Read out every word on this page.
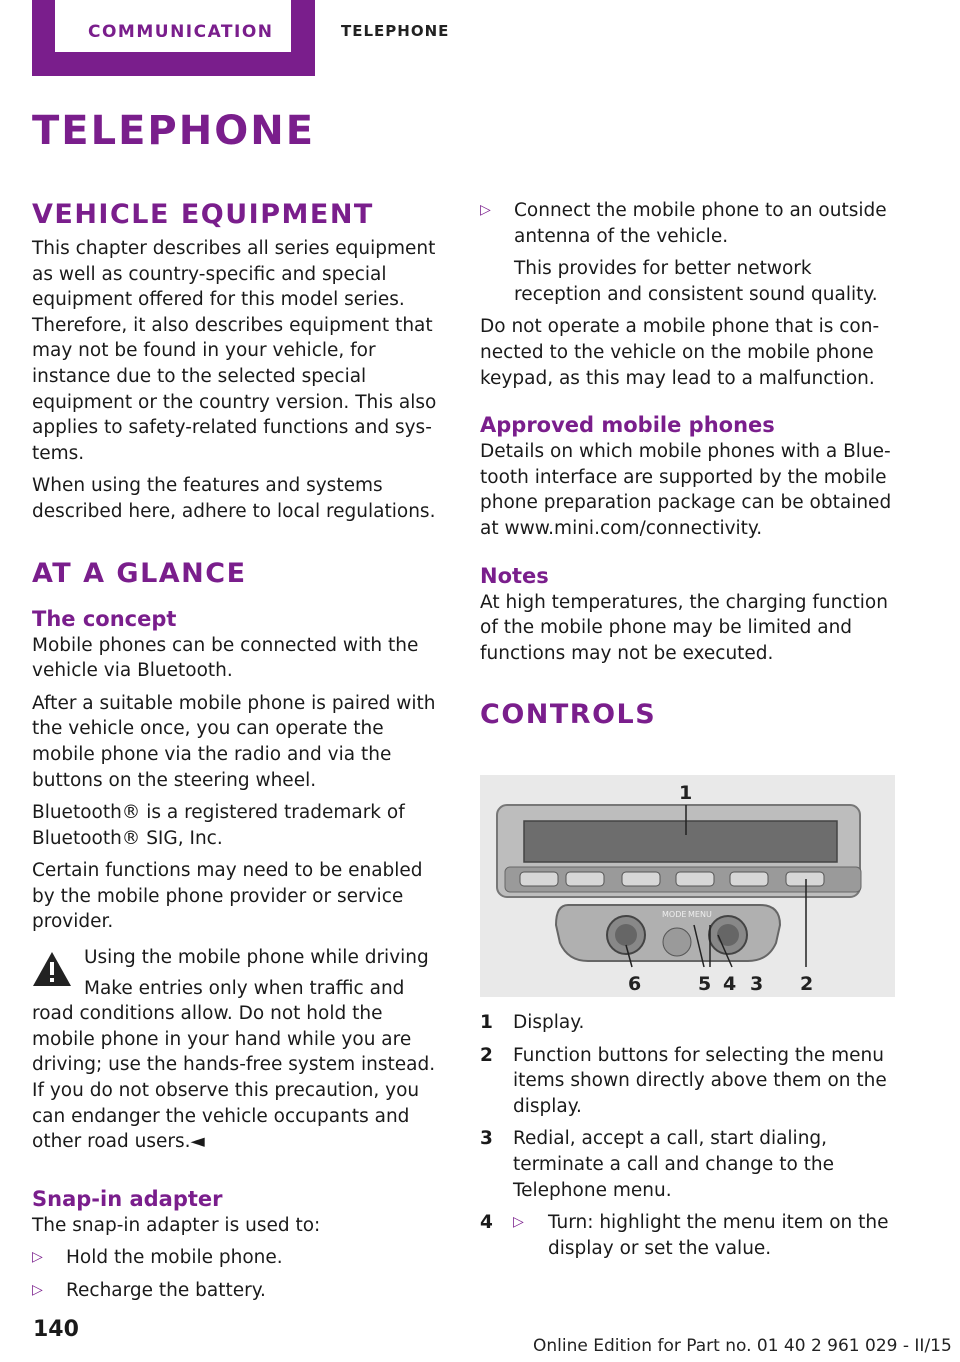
COMMUNICATION	TELEPHONE
TELEPHONE
VEHICLE EQUIPMENT

This chapter describes all series equipment as well as country-specific and special equipment offered for this model series. Therefore, it also describes equipment that may not be found in your vehicle, for instance due to the selected special equipment or the country version. This also applies to safety-related functions and systems.

When using the features and systems described here, adhere to local regulations.

AT A GLANCE
The concept

Mobile phones can be connected with the vehicle via Bluetooth.

After a suitable mobile phone is paired with the vehicle once, you can operate the mobile phone via the radio and via the buttons on the steering wheel.

Bluetooth® is a registered trademark of Bluetooth® SIG, Inc.

Certain functions may need to be enabled by the mobile phone provider or service provider.

Using the mobile phone while driving

Make entries only when traffic and road conditions allow. Do not hold the mobile phone in your hand while you are driving; use the hands-free system instead. If you do not observe this precaution, you can endanger the vehicle occupants and other road users.◄

Snap-in adapter

The snap-in adapter is used to:

▷ Hold the mobile phone.

▷ Recharge the battery.

▷ Connect the mobile phone to an outside antenna of the vehicle.

This provides for better network reception and consistent sound quality.

Do not operate a mobile phone that is connected to the vehicle on the mobile phone keypad, as this may lead to a malfunction.

Approved mobile phones

Details on which mobile phones with a Bluetooth interface are supported by the mobile phone preparation package can be obtained at www.mini.com/connectivity.

Notes

At high temperatures, the charging function of the mobile phone may be limited and functions may not be executed.

CONTROLS
MODE MENU
1
6	5 4 3 2

1 Display.

2 Function buttons for selecting the menu items shown directly above them on the display.

3 Redial, accept a call, start dialing, terminate a call and change to the Telephone menu.

4 ▷ Turn: highlight the menu item on the display or set the value.

140
Online Edition for Part no. 01 40 2 961 029 - II/15
